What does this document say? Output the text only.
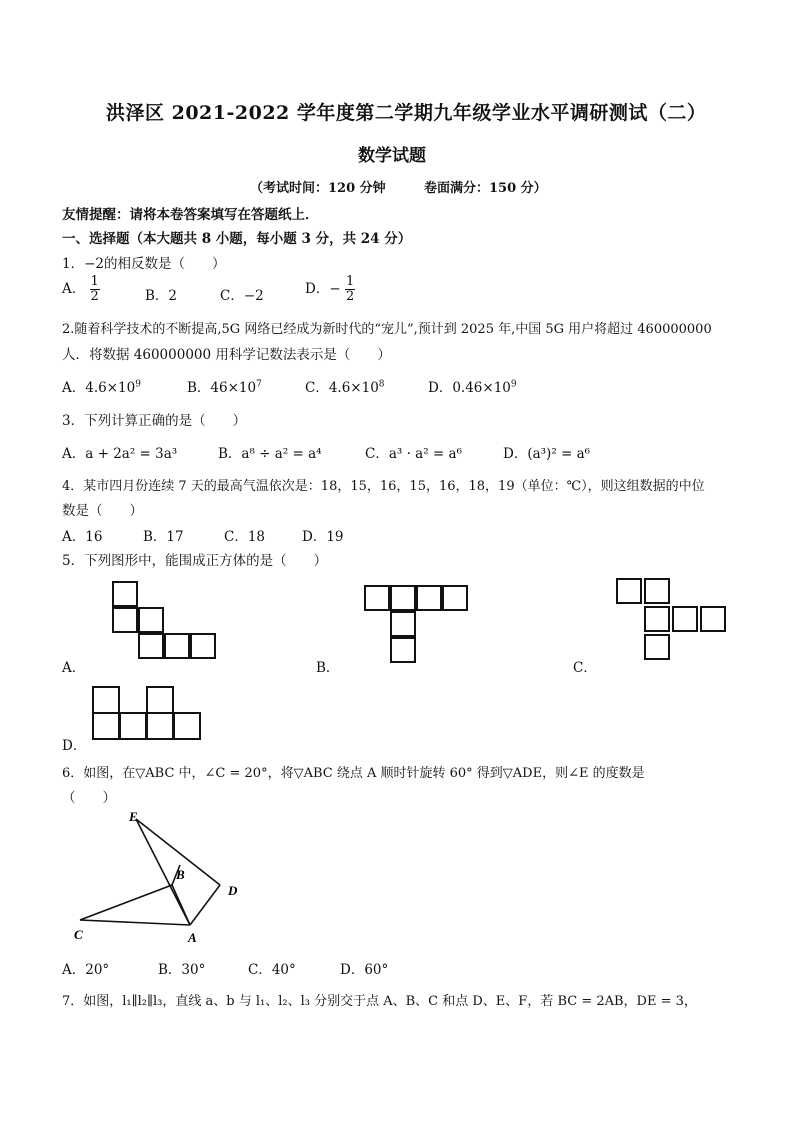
洪泽区 2021-2022 学年度第二学期九年级学业水平调研测试（二）
数学试题
（考试时间：120 分钟	卷面满分：150 分）
友情提醒：请将本卷答案填写在答题纸上．
一、选择题（本大题共 8 小题，每小题 3 分，共 24 分）
1．−2的相反数是（　　）
A． $\frac{1}{2}$	B．2	C．−2	D．− $\frac{1}{2}$
2.随着科学技术的不断提高,5G 网络已经成为新时代的“宠儿”,预计到 2025 年,中国 5G 用户将超过 460000000
人．将数据 460000000 用科学记数法表示是（　　）
A．$4.6\times 10^9$	B．$46\times 10^7$	C．$4.6\times 10^8$	D．$0.46\times 10^9$
3．下列计算正确的是（　　）
A．a + 2a² = 3a³	B．a⁸ ÷ a² = a⁴	C．a³ · a² = a⁶	D．(a³)² = a⁶
4．某市四月份连续 7 天的最高气温依次是：18，15，16，15，16，18，19（单位：℃），则这组数据的中位
数是（　　）
A．16	B．17	C．18	D．19
5．下列图形中，能围成正方体的是（　　）
A．	B．	C．
D．
6．如图，在▽ABC 中，∠C = 20°，将▽ABC 绕点 A 顺时针旋转 60° 得到▽ADE，则∠E 的度数是
（　　）
E
B
D
C	A
A．20°	B．30°	C．40°	D．60°
7．如图，l₁∥l₂∥l₃，直线 a、b 与 l₁、l₂、l₃ 分别交于点 A、B、C 和点 D、E、F，若 BC = 2AB，DE = 3，
